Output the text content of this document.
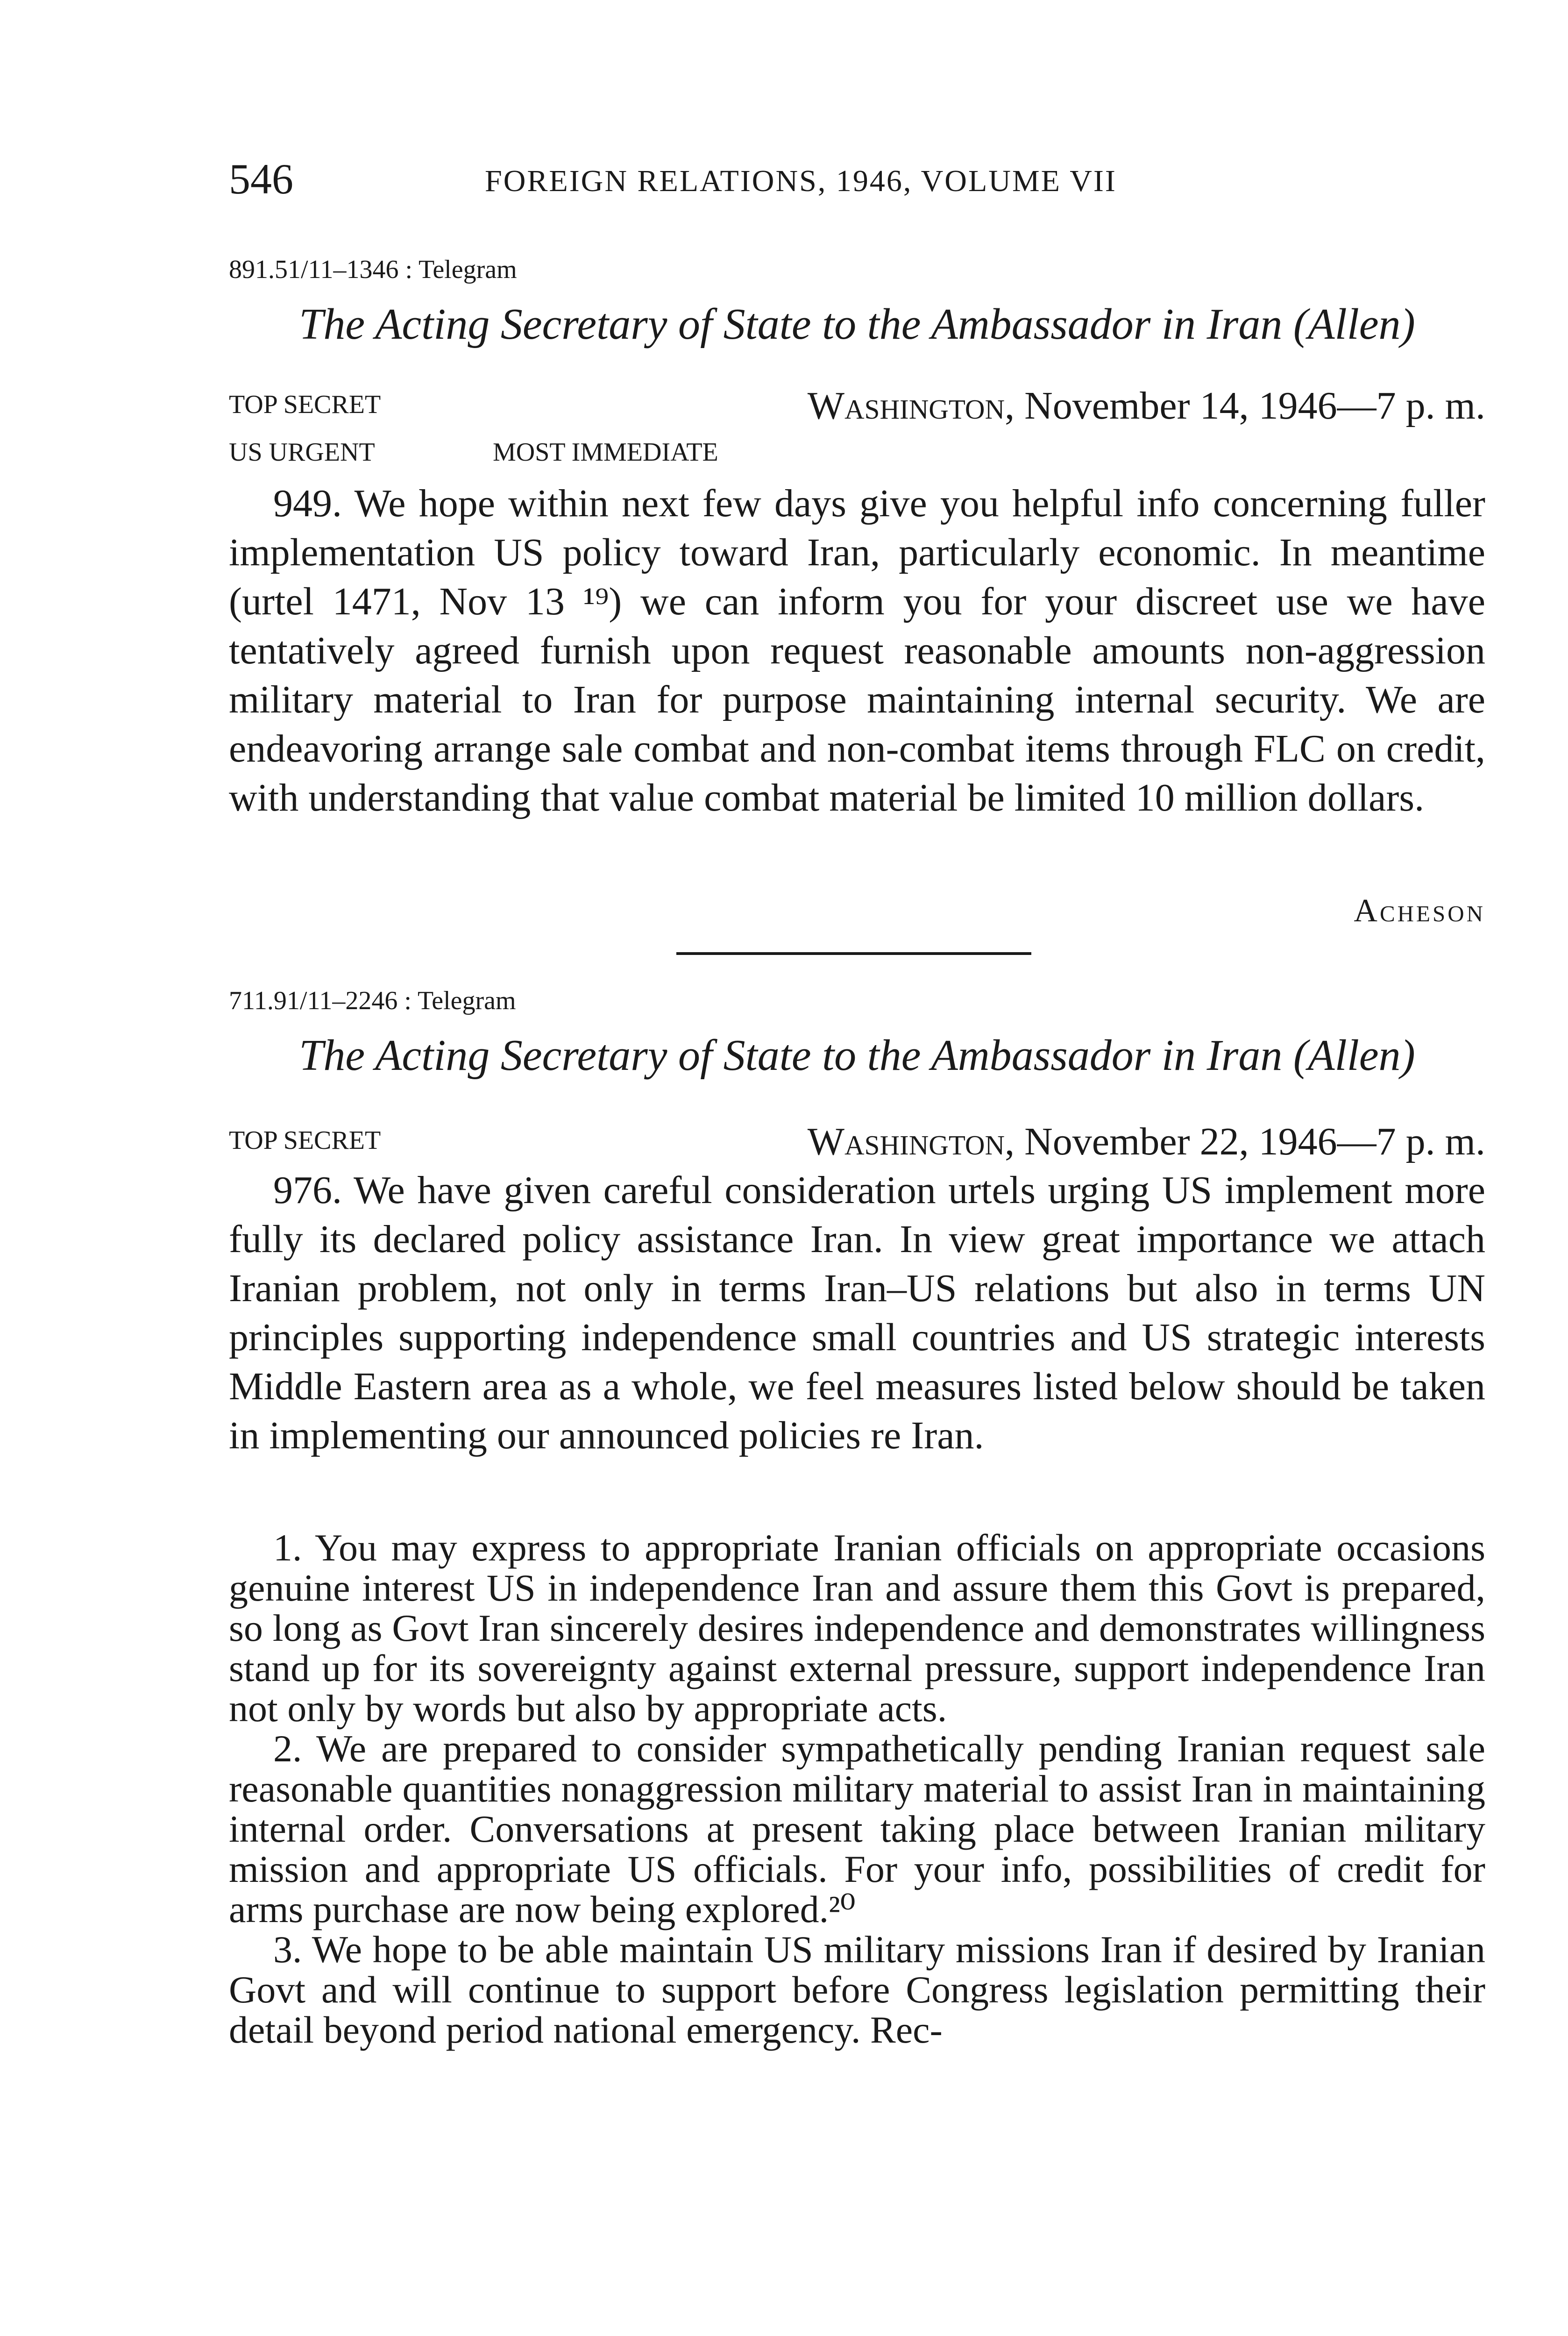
546	FOREIGN RELATIONS, 1946, VOLUME VII
891.51/11–1346 : Telegram
The Acting Secretary of State to the Ambassador in Iran (Allen)
TOP SECRET	Washington, November 14, 1946—7 p. m.
US URGENT	MOST IMMEDIATE

949. We hope within next few days give you helpful info concerning fuller implementation US policy toward Iran, particularly economic. In meantime (urtel 1471, Nov 13 ¹⁹) we can inform you for your discreet use we have tentatively agreed furnish upon request reasonable amounts non-aggression military material to Iran for purpose maintaining internal security. We are endeavoring arrange sale combat and non-combat items through FLC on credit, with understanding that value combat material be limited 10 million dollars.

Acheson
711.91/11–2246 : Telegram
The Acting Secretary of State to the Ambassador in Iran (Allen)
TOP SECRET	Washington, November 22, 1946—7 p. m.

976. We have given careful consideration urtels urging US implement more fully its declared policy assistance Iran. In view great importance we attach Iranian problem, not only in terms Iran–US relations but also in terms UN principles supporting independence small countries and US strategic interests Middle Eastern area as a whole, we feel measures listed below should be taken in implementing our announced policies re Iran.

1. You may express to appropriate Iranian officials on appropriate occasions genuine interest US in independence Iran and assure them this Govt is prepared, so long as Govt Iran sincerely desires independence and demonstrates willingness stand up for its sovereignty against external pressure, support independence Iran not only by words but also by appropriate acts.

2. We are prepared to consider sympathetically pending Iranian request sale reasonable quantities nonaggression military material to assist Iran in maintaining internal order. Conversations at present taking place between Iranian military mission and appropriate US officials. For your info, possibilities of credit for arms purchase are now being explored.²⁰

3. We hope to be able maintain US military missions Iran if desired by Iranian Govt and will continue to support before Congress legislation permitting their detail beyond period national emergency. Rec-
